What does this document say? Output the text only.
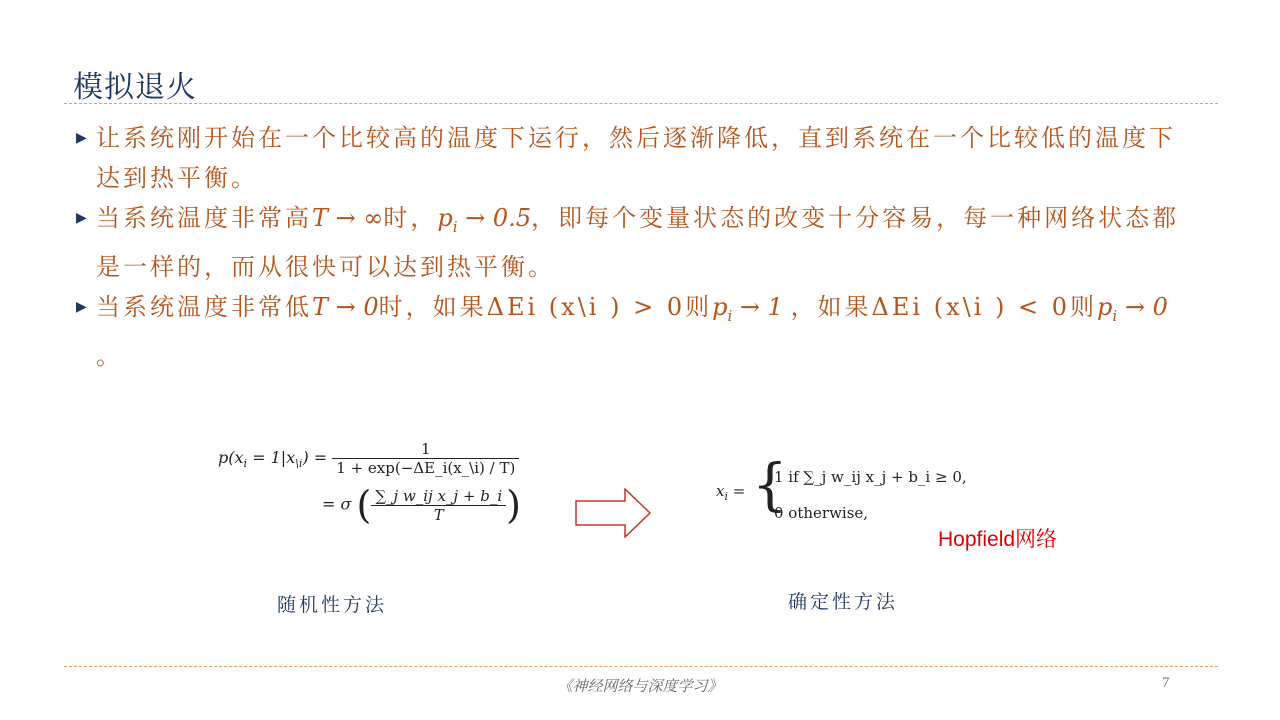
模拟退火
▶ 让系统刚开始在一个比较高的温度下运行，然后逐渐降低，直到系统在一个比较低的温度下达到热平衡。
▶ 当系统温度非常高T → ∞时，$p_i \to 0.5$，即每个变量状态的改变十分容易，每一种网络状态都是一样的，而从很快可以达到热平衡。
▶ 当系统温度非常低T → 0时，如果ΔEi (x\i ) > 0则$p_i \to 1$ ，如果ΔEi (x\i ) < 0则$p_i \to 0$ 。
$p(x_i = 1|x_{\backslash i}) = \frac{1}{1 + \exp(-\Delta E\_i(x\_\backslash i) / T)}$
= σ ( $\frac{\text{∑\_j w\_ij x\_j + b\_i}}{T}$ )	$x_i$ = {
1 if ∑_j w_ij x_j + b_i ≥ 0,
0 otherwise,
Hopfield网络
随机性方法	确定性方法
《神经网络与深度学习》	7
